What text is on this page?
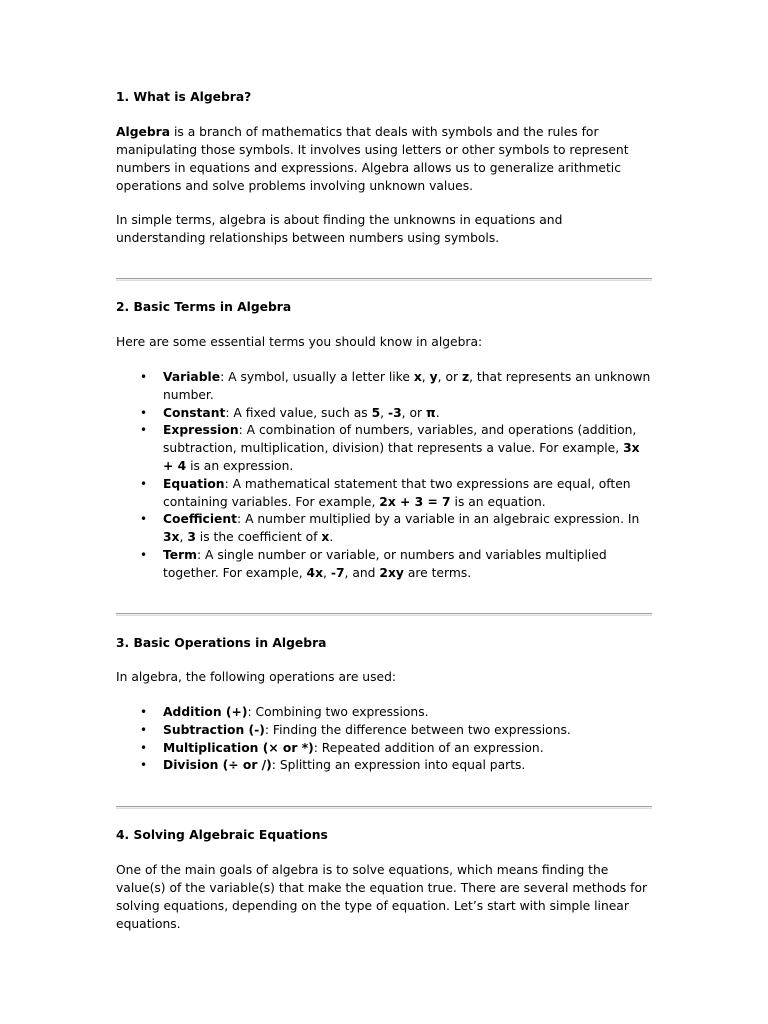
1. What is Algebra?

Algebra is a branch of mathematics that deals with symbols and the rules for manipulating those symbols. It involves using letters or other symbols to represent numbers in equations and expressions. Algebra allows us to generalize arithmetic operations and solve problems involving unknown values.

In simple terms, algebra is about finding the unknowns in equations and understanding relationships between numbers using symbols.

2. Basic Terms in Algebra

Here are some essential terms you should know in algebra:

• Variable: A symbol, usually a letter like x, y, or z, that represents an unknown number.
• Constant: A fixed value, such as 5, -3, or π.
• Expression: A combination of numbers, variables, and operations (addition, subtraction, multiplication, division) that represents a value. For example, 3x + 4 is an expression.
• Equation: A mathematical statement that two expressions are equal, often containing variables. For example, 2x + 3 = 7 is an equation.
• Coefficient: A number multiplied by a variable in an algebraic expression. In 3x, 3 is the coefficient of x.
• Term: A single number or variable, or numbers and variables multiplied together. For example, 4x, -7, and 2xy are terms.
3. Basic Operations in Algebra

In algebra, the following operations are used:

• Addition (+): Combining two expressions.
• Subtraction (-): Finding the difference between two expressions.
• Multiplication (× or *): Repeated addition of an expression.
• Division (÷ or /): Splitting an expression into equal parts.
4. Solving Algebraic Equations

One of the main goals of algebra is to solve equations, which means finding the value(s) of the variable(s) that make the equation true. There are several methods for solving equations, depending on the type of equation. Let’s start with simple linear equations.
